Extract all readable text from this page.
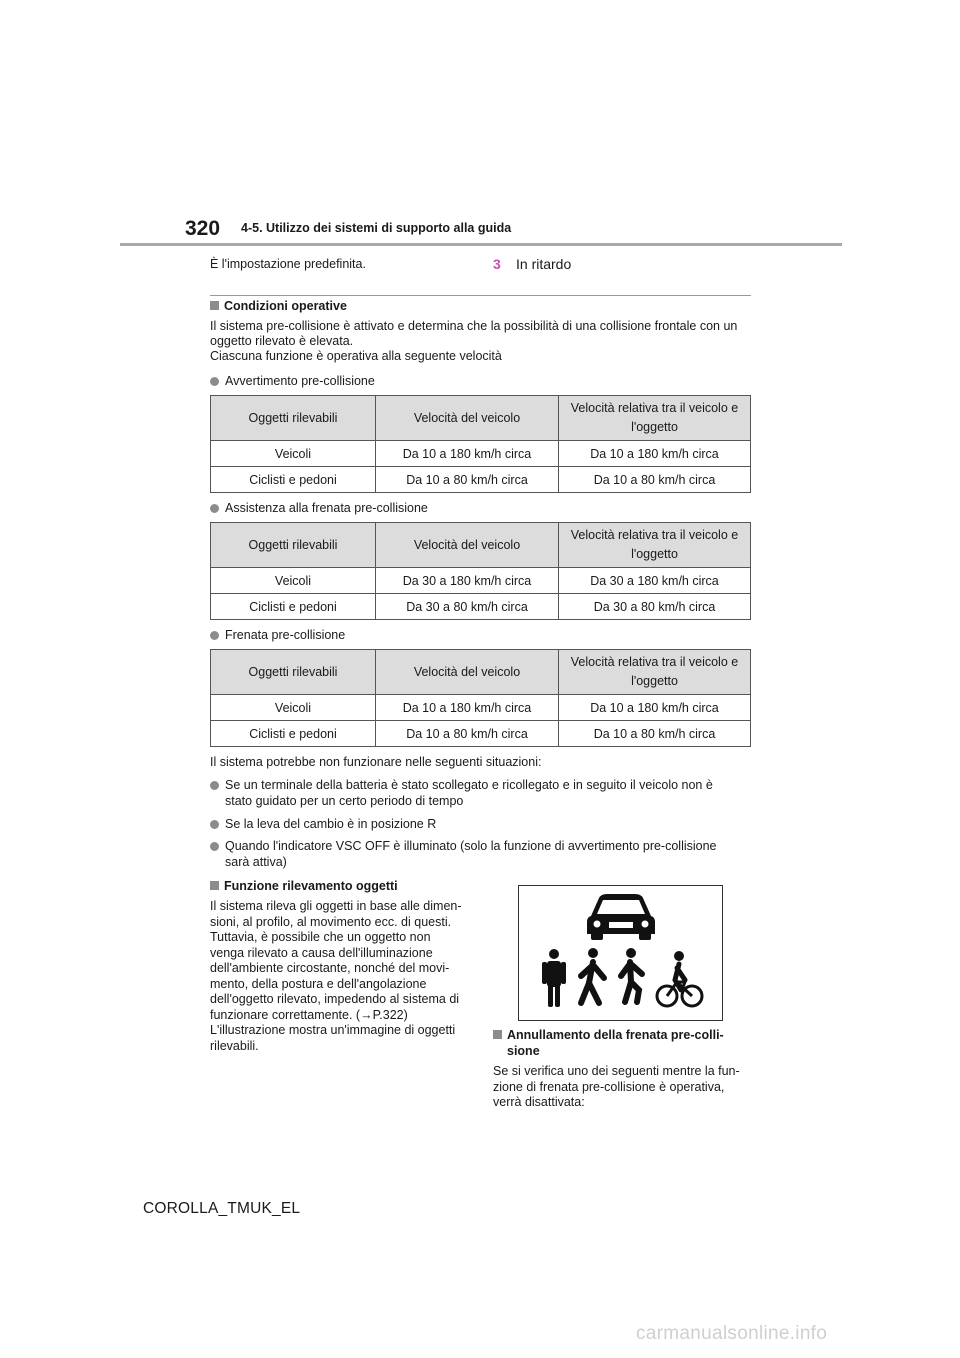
320 4-5. Utilizzo dei sistemi di supporto alla guida
È l'impostazione predefinita.	3 In ritardo
Condizioni operative
Il sistema pre-collisione è attivato e determina che la possibilità di una collisione frontale con un
oggetto rilevato è elevata.
Ciascuna funzione è operativa alla seguente velocità
Avvertimento pre-collisione
Oggetti rilevabili	Velocità del veicolo	Velocità relativa tra il veicolo e
l'oggetto
Veicoli	Da 10 a 180 km/h circa	Da 10 a 180 km/h circa
Ciclisti e pedoni	Da 10 a 80 km/h circa	Da 10 a 80 km/h circa
Assistenza alla frenata pre-collisione
Oggetti rilevabili	Velocità del veicolo	Velocità relativa tra il veicolo e
l'oggetto
Veicoli	Da 30 a 180 km/h circa	Da 30 a 180 km/h circa
Ciclisti e pedoni	Da 30 a 80 km/h circa	Da 30 a 80 km/h circa
Frenata pre-collisione
Oggetti rilevabili	Velocità del veicolo	Velocità relativa tra il veicolo e
l'oggetto
Veicoli	Da 10 a 180 km/h circa	Da 10 a 180 km/h circa
Ciclisti e pedoni	Da 10 a 80 km/h circa	Da 10 a 80 km/h circa
Il sistema potrebbe non funzionare nelle seguenti situazioni:
Se un terminale della batteria è stato scollegato e ricollegato e in seguito il veicolo non è
stato guidato per un certo periodo di tempo
Se la leva del cambio è in posizione R
Quando l'indicatore VSC OFF è illuminato (solo la funzione di avvertimento pre-collisione
sarà attiva)
Funzione rilevamento oggetti
Il sistema rileva gli oggetti in base alle dimen-
sioni, al profilo, al movimento ecc. di questi.
Tuttavia, è possibile che un oggetto non
venga rilevato a causa dell'illuminazione
dell'ambiente circostante, nonché del movi-
mento, della postura e dell'angolazione
dell'oggetto rilevato, impedendo al sistema di
funzionare correttamente. (→P.322)
L'illustrazione mostra un'immagine di oggetti
rilevabili.
Annullamento della frenata pre-colli-
sione
Se si verifica uno dei seguenti mentre la fun-
zione di frenata pre-collisione è operativa,
verrà disattivata:
COROLLA_TMUK_EL
carmanualsonline.info
